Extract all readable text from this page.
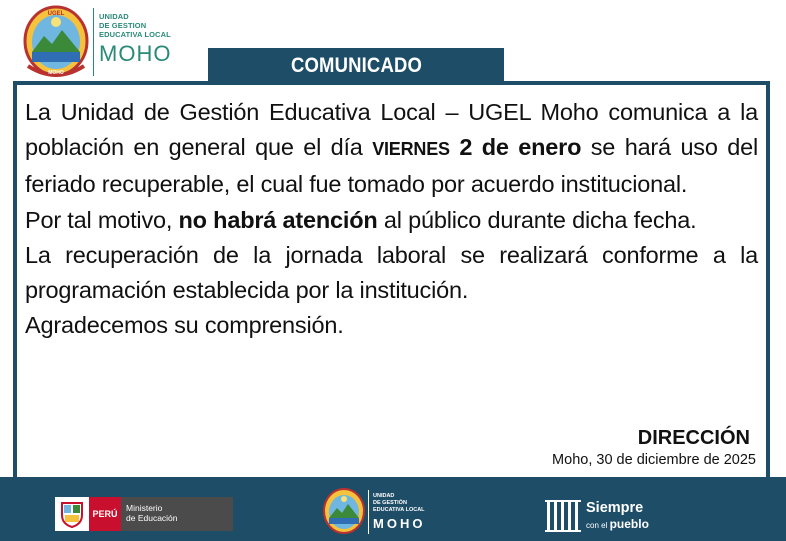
UGEL
MOHO
UNIDAD
DE GESTION
EDUCATIVA LOCAL
MOHO	COMUNICADO

La Unidad de Gestión Educativa Local – UGEL Moho comunica a la población en general que el día VIERNES 2 de enero se hará uso del feriado recuperable, el cual fue tomado por acuerdo institucional.

Por tal motivo, no habrá atención al público durante dicha fecha.

La recuperación de la jornada laboral se realizará conforme a la programación establecida por la institución.

Agradecemos su comprensión.

DIRECCIÓN
Moho, 30 de diciembre de 2025
PERÚ
Ministerio
de Educación
UNIDAD
DE GESTIÓN
EDUCATIVA LOCAL
MOHO
Siempre
con el pueblo
